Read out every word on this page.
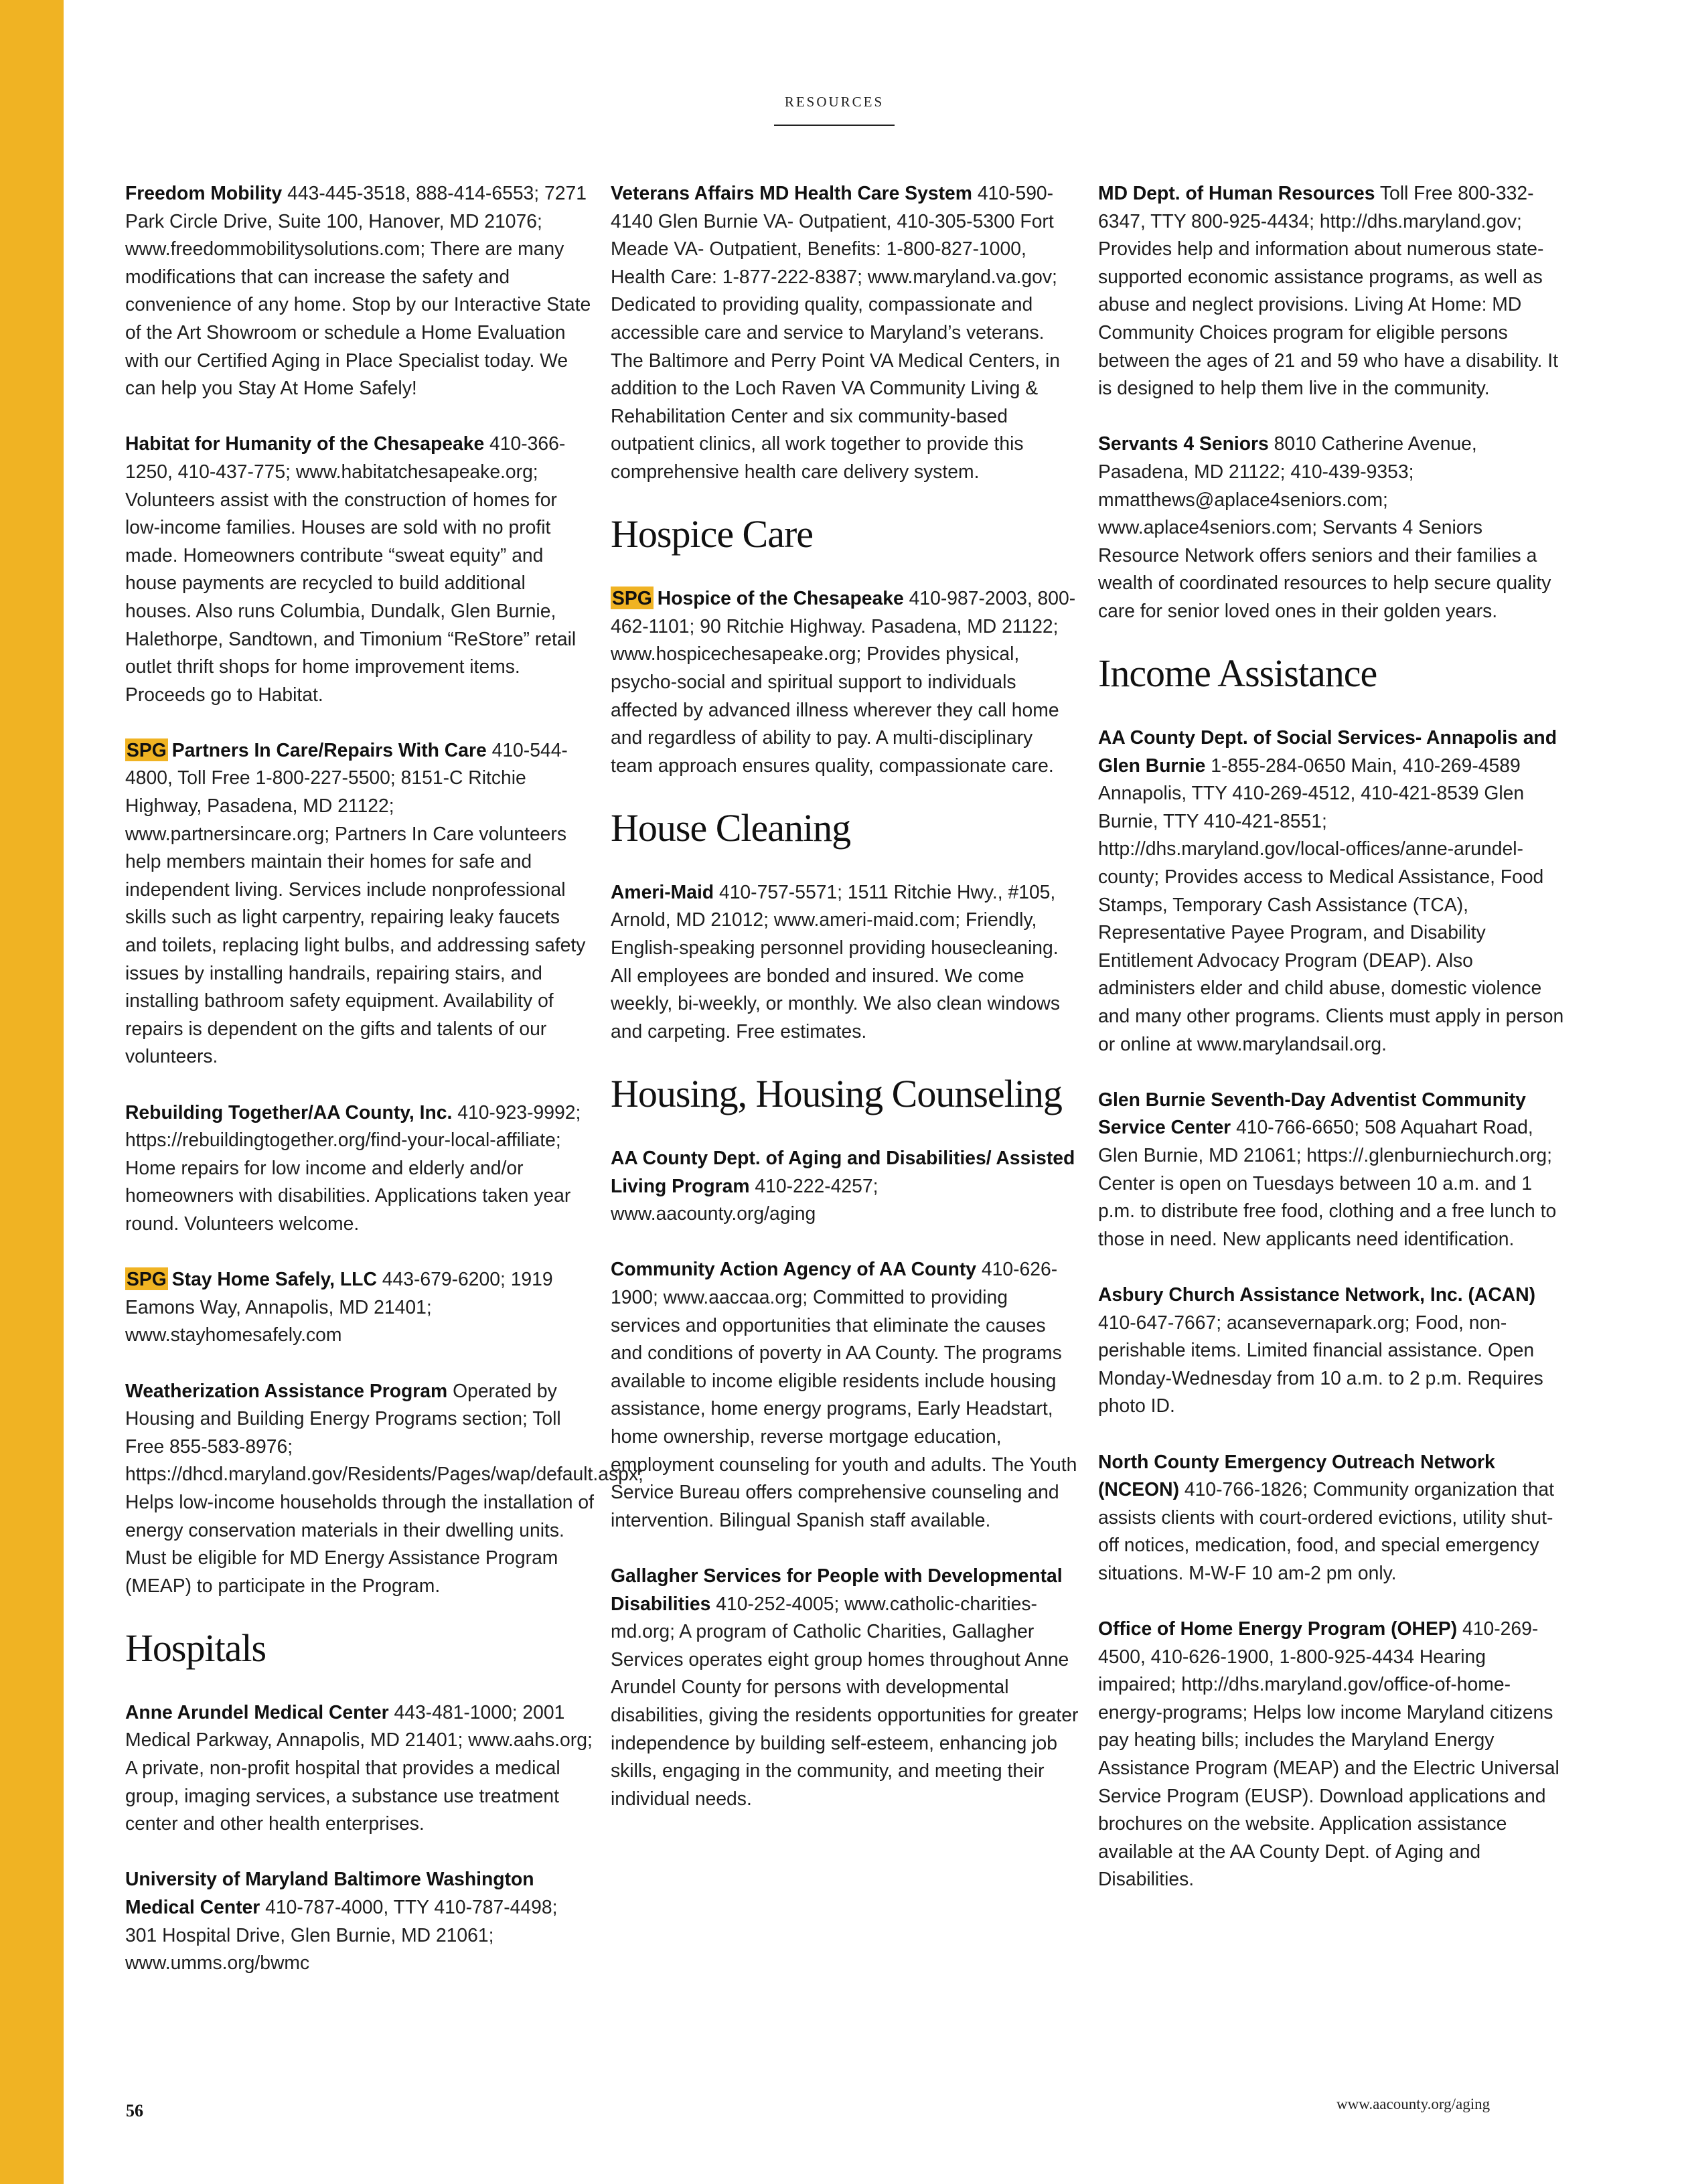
RESOURCES

Freedom Mobility 443-445-3518, 888-414-6553; 7271 Park Circle Drive, Suite 100, Hanover, MD 21076; www.freedommobilitysolutions.com; There are many modifications that can increase the safety and convenience of any home. Stop by our Interactive State of the Art Showroom or schedule a Home Evaluation with our Certified Aging in Place Specialist today. We can help you Stay At Home Safely!

Habitat for Humanity of the Chesapeake 410-366-1250, 410-437-775; www.habitatchesapeake.org; Volunteers assist with the construction of homes for low-income families. Houses are sold with no profit made. Homeowners contribute “sweat equity” and house payments are recycled to build additional houses. Also runs Columbia, Dundalk, Glen Burnie, Halethorpe, Sandtown, and Timonium “ReStore” retail outlet thrift shops for home improvement items. Proceeds go to Habitat.

SPG Partners In Care/Repairs With Care 410-544-4800, Toll Free 1-800-227-5500; 8151-C Ritchie Highway, Pasadena, MD 21122; www.partnersincare.org; Partners In Care volunteers help members maintain their homes for safe and independent living. Services include nonprofessional skills such as light carpentry, repairing leaky faucets and toilets, replacing light bulbs, and addressing safety issues by installing handrails, repairing stairs, and installing bathroom safety equipment. Availability of repairs is dependent on the gifts and talents of our volunteers.

Rebuilding Together/AA County, Inc. 410-923-9992; https://rebuildingtogether.org/find-your-local-affiliate; Home repairs for low income and elderly and/or homeowners with disabilities. Applications taken year round. Volunteers welcome.

SPG Stay Home Safely, LLC 443-679-6200; 1919 Eamons Way, Annapolis, MD 21401; www.stayhomesafely.com

Weatherization Assistance Program Operated by Housing and Building Energy Programs section; Toll Free 855-583-8976; https://dhcd.maryland.gov/Residents/Pages/wap/default.aspx; Helps low-income households through the installation of energy conservation materials in their dwelling units. Must be eligible for MD Energy Assistance Program (MEAP) to participate in the Program.

Hospitals

Anne Arundel Medical Center 443-481-1000; 2001 Medical Parkway, Annapolis, MD 21401; www.aahs.org; A private, non-profit hospital that provides a medical group, imaging services, a substance use treatment center and other health enterprises.

University of Maryland Baltimore Washington Medical Center 410-787-4000, TTY 410-787-4498; 301 Hospital Drive, Glen Burnie, MD 21061; www.umms.org/bwmc

Veterans Affairs MD Health Care System 410-590-4140 Glen Burnie VA- Outpatient, 410-305-5300 Fort Meade VA- Outpatient, Benefits: 1-800-827-1000, Health Care: 1-877-222-8387; www.maryland.va.gov; Dedicated to providing quality, compassionate and accessible care and service to Maryland’s veterans. The Baltimore and Perry Point VA Medical Centers, in addition to the Loch Raven VA Community Living & Rehabilitation Center and six community-based outpatient clinics, all work together to provide this comprehensive health care delivery system.

Hospice Care

SPG Hospice of the Chesapeake 410-987-2003, 800-462-1101; 90 Ritchie Highway. Pasadena, MD 21122; www.hospicechesapeake.org; Provides physical, psycho-social and spiritual support to individuals affected by advanced illness wherever they call home and regardless of ability to pay. A multi-disciplinary team approach ensures quality, compassionate care.

House Cleaning

Ameri-Maid 410-757-5571; 1511 Ritchie Hwy., #105, Arnold, MD 21012; www.ameri-maid.com; Friendly, English-speaking personnel providing housecleaning. All employees are bonded and insured. We come weekly, bi-weekly, or monthly. We also clean windows and carpeting. Free estimates.

Housing, Housing Counseling

AA County Dept. of Aging and Disabilities/ Assisted Living Program 410-222-4257; www.aacounty.org/aging

Community Action Agency of AA County 410-626-1900; www.aaccaa.org; Committed to providing services and opportunities that eliminate the causes and conditions of poverty in AA County. The programs available to income eligible residents include housing assistance, home energy programs, Early Headstart, home ownership, reverse mortgage education, employment counseling for youth and adults. The Youth Service Bureau offers comprehensive counseling and intervention. Bilingual Spanish staff available.

Gallagher Services for People with Developmental Disabilities 410-252-4005; www.catholic-charities-md.org; A program of Catholic Charities, Gallagher Services operates eight group homes throughout Anne Arundel County for persons with developmental disabilities, giving the residents opportunities for greater independence by building self-esteem, enhancing job skills, engaging in the community, and meeting their individual needs.

MD Dept. of Human Resources Toll Free 800-332-6347, TTY 800-925-4434; http://dhs.maryland.gov; Provides help and information about numerous state-supported economic assistance programs, as well as abuse and neglect provisions. Living At Home: MD Community Choices program for eligible persons between the ages of 21 and 59 who have a disability. It is designed to help them live in the community.

Servants 4 Seniors 8010 Catherine Avenue, Pasadena, MD 21122; 410-439-9353; mmatthews@aplace4seniors.com; www.aplace4seniors.com; Servants 4 Seniors Resource Network offers seniors and their families a wealth of coordinated resources to help secure quality care for senior loved ones in their golden years.

Income Assistance

AA County Dept. of Social Services- Annapolis and Glen Burnie 1-855-284-0650 Main, 410-269-4589 Annapolis, TTY 410-269-4512, 410-421-8539 Glen Burnie, TTY 410-421-8551; http://dhs.maryland.gov/local-offices/anne-arundel-county; Provides access to Medical Assistance, Food Stamps, Temporary Cash Assistance (TCA), Representative Payee Program, and Disability Entitlement Advocacy Program (DEAP). Also administers elder and child abuse, domestic violence and many other programs. Clients must apply in person or online at www.marylandsail.org.

Glen Burnie Seventh-Day Adventist Community Service Center 410-766-6650; 508 Aquahart Road, Glen Burnie, MD 21061; https://.glenburniechurch.org; Center is open on Tuesdays between 10 a.m. and 1 p.m. to distribute free food, clothing and a free lunch to those in need. New applicants need identification.

Asbury Church Assistance Network, Inc. (ACAN) 410-647-7667; acansevernapark.org; Food, non-perishable items. Limited financial assistance. Open Monday-Wednesday from 10 a.m. to 2 p.m. Requires photo ID.

North County Emergency Outreach Network (NCEON) 410-766-1826; Community organization that assists clients with court-ordered evictions, utility shut-off notices, medication, food, and special emergency situations. M-W-F 10 am-2 pm only.

Office of Home Energy Program (OHEP) 410-269-4500, 410-626-1900, 1-800-925-4434 Hearing impaired; http://dhs.maryland.gov/office-of-home-energy-programs; Helps low income Maryland citizens pay heating bills; includes the Maryland Energy Assistance Program (MEAP) and the Electric Universal Service Program (EUSP). Download applications and brochures on the website. Application assistance available at the AA County Dept. of Aging and Disabilities.

56	www.aacounty.org/aging
